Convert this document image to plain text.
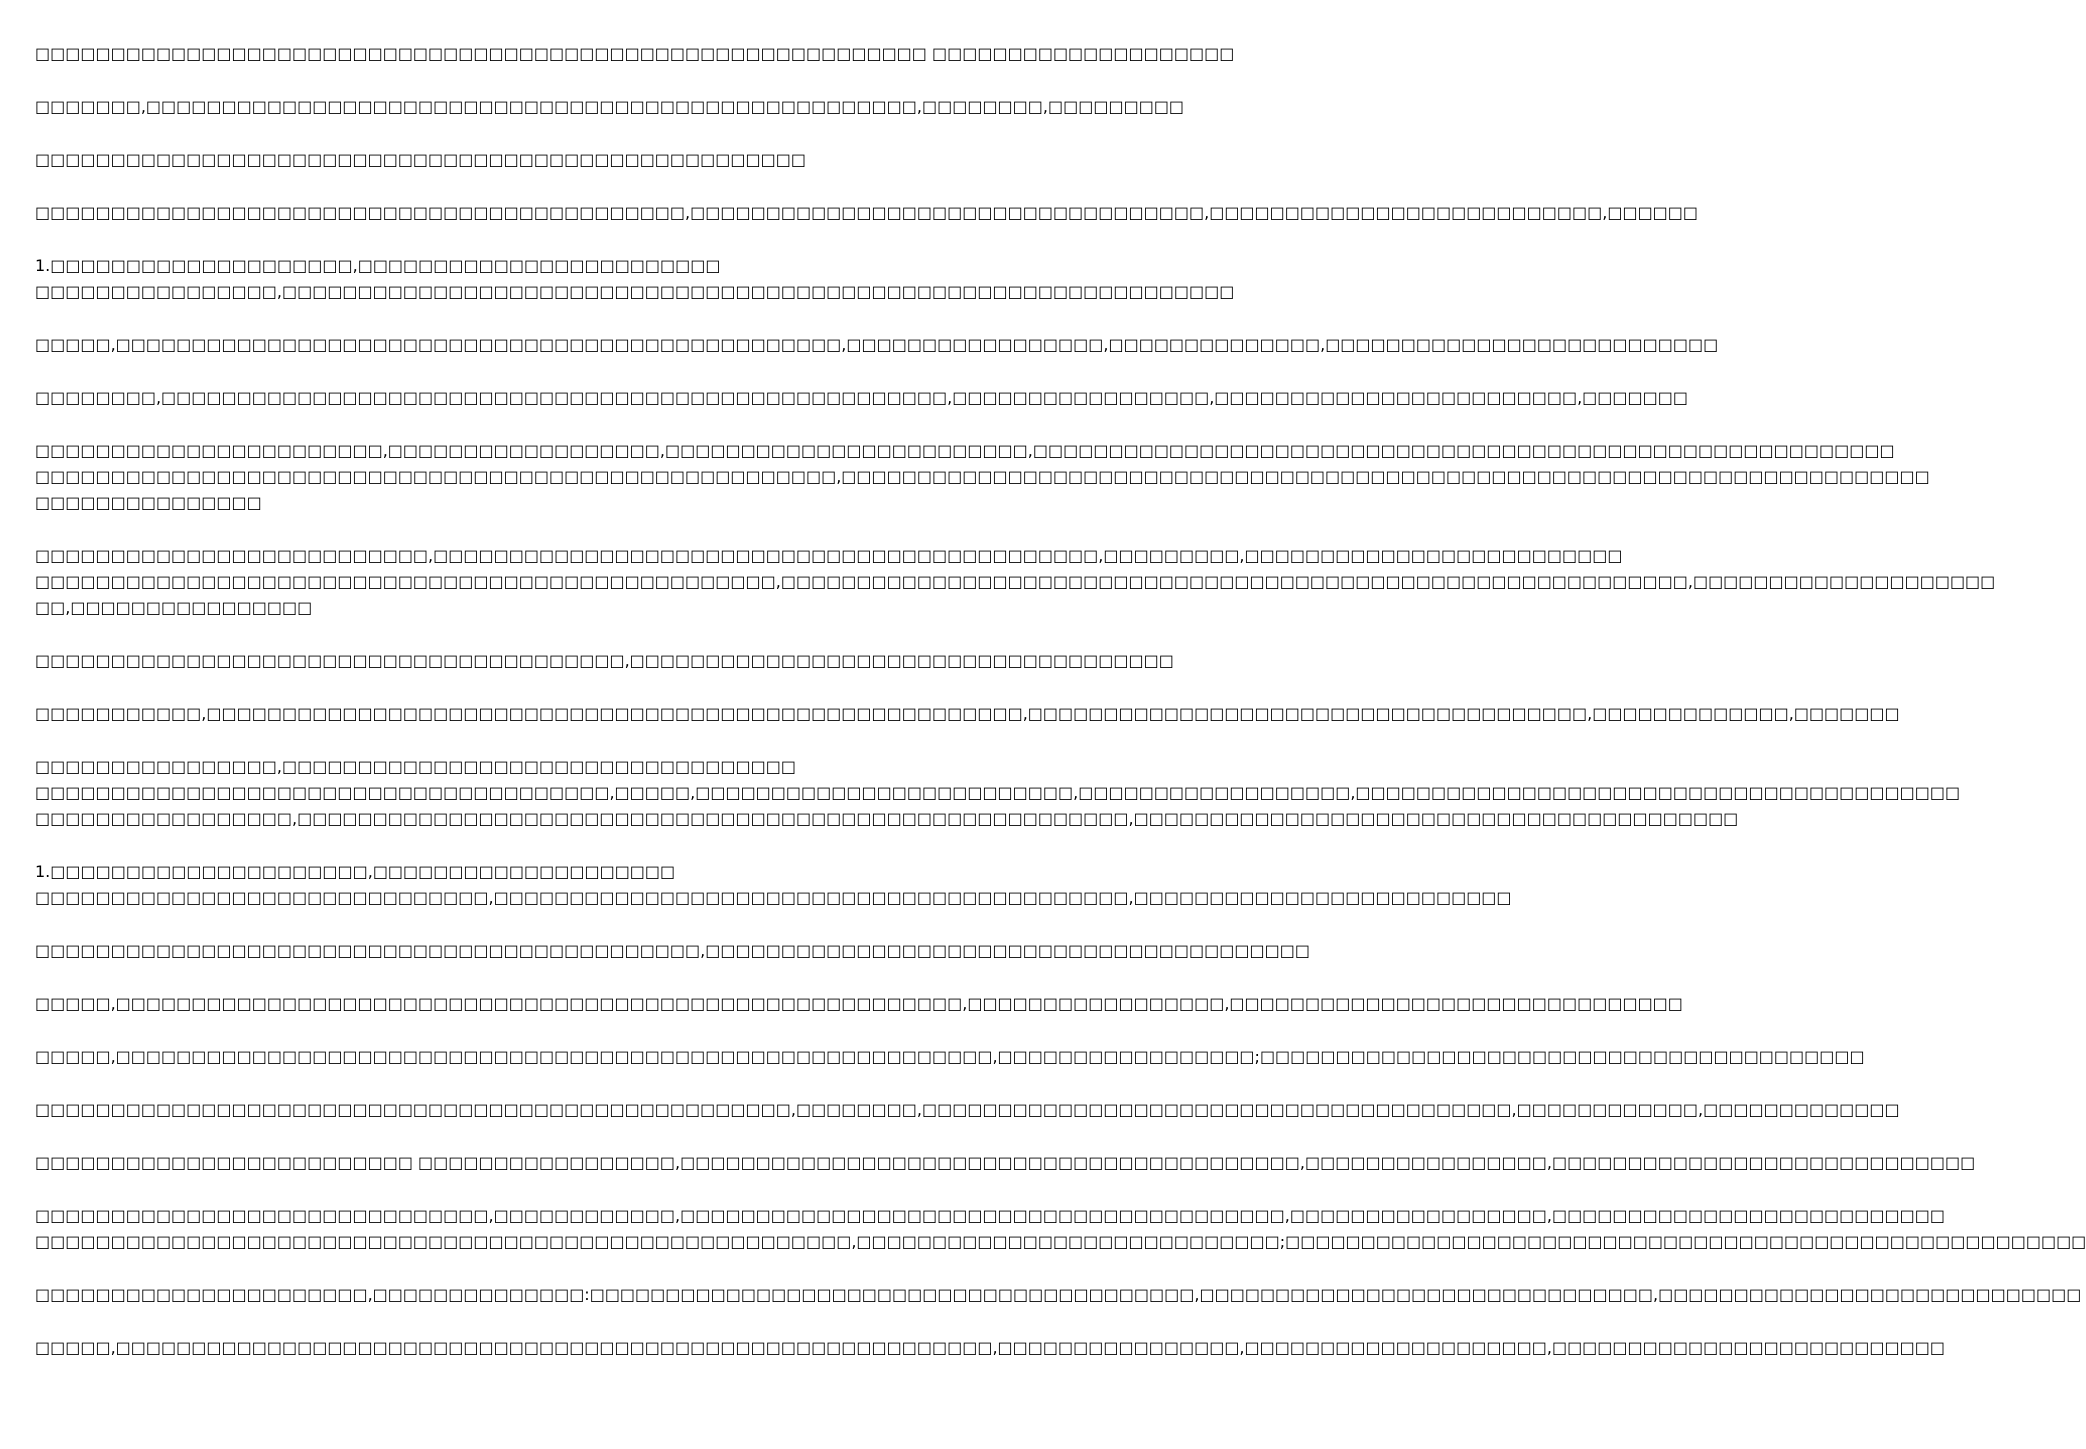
□□□□□□□□□□□□□□□□□□□□□□□□□□□□□□□□□□□□□□□□□□□□□□□□□□□□□□□□□□□ □□□□□□□□□□□□□□□□□□□□
□□□□□□□,□□□□□□□□□□□□□□□□□□□□□□□□□□□□□□□□□□□□□□□□□□□□□□□□□□□,□□□□□□□□,□□□□□□□□□
□□□□□□□□□□□□□□□□□□□□□□□□□□□□□□□□□□□□□□□□□□□□□□□□□□□
□□□□□□□□□□□□□□□□□□□□□□□□□□□□□□□□□□□□□□□□□□□,□□□□□□□□□□□□□□□□□□□□□□□□□□□□□□□□□□,□□□□□□□□□□□□□□□□□□□□□□□□□□,□□□□□□
1.□□□□□□□□□□□□□□□□□□□□,□□□□□□□□□□□□□□□□□□□□□□□□
□□□□□□□□□□□□□□□□,□□□□□□□□□□□□□□□□□□□□□□□□□□□□□□□□□□□□□□□□□□□□□□□□□□□□□□□□□□□□□□□
□□□□□,□□□□□□□□□□□□□□□□□□□□□□□□□□□□□□□□□□□□□□□□□□□□□□□□,□□□□□□□□□□□□□□□□□,□□□□□□□□□□□□□□,□□□□□□□□□□□□□□□□□□□□□□□□□□
□□□□□□□□,□□□□□□□□□□□□□□□□□□□□□□□□□□□□□□□□□□□□□□□□□□□□□□□□□□□□,□□□□□□□□□□□□□□□□□,□□□□□□□□□□□□□□□□□□□□□□□□,□□□□□□□
□□□□□□□□□□□□□□□□□□□□□□□,□□□□□□□□□□□□□□□□□□,□□□□□□□□□□□□□□□□□□□□□□□□,□□□□□□□□□□□□□□□□□□□□□□□□□□□□□□□□□□□□□□□□□□□□□□□□□□□□□□□□□
□□□□□□□□□□□□□□□□□□□□□□□□□□□□□□□□□□□□□□□□□□□□□□□□□□□□□,□□□□□□□□□□□□□□□□□□□□□□□□□□□□□□□□□□□□□□□□□□□□□□□□□□□□□□□□□□□□□□□□□□□□□□□□
□□□□□□□□□□□□□□□
□□□□□□□□□□□□□□□□□□□□□□□□□□,□□□□□□□□□□□□□□□□□□□□□□□□□□□□□□□□□□□□□□□□□□□□,□□□□□□□□□,□□□□□□□□□□□□□□□□□□□□□□□□□
□□□□□□□□□□□□□□□□□□□□□□□□□□□□□□□□□□□□□□□□□□□□□□□□□,□□□□□□□□□□□□□□□□□□□□□□□□□□□□□□□□□□□□□□□□□□□□□□□□□□□□□□□□□□□□,□□□□□□□□□□□□□□□□□□□□
□□,□□□□□□□□□□□□□□□□
□□□□□□□□□□□□□□□□□□□□□□□□□□□□□□□□□□□□□□□,□□□□□□□□□□□□□□□□□□□□□□□□□□□□□□□□□□□□
□□□□□□□□□□□,□□□□□□□□□□□□□□□□□□□□□□□□□□□□□□□□□□□□□□□□□□□□□□□□□□□□□□,□□□□□□□□□□□□□□□□□□□□□□□□□□□□□□□□□□□□□,□□□□□□□□□□□□□,□□□□□□□
□□□□□□□□□□□□□□□□,□□□□□□□□□□□□□□□□□□□□□□□□□□□□□□□□□□
□□□□□□□□□□□□□□□□□□□□□□□□□□□□□□□□□□□□□□,□□□□□,□□□□□□□□□□□□□□□□□□□□□□□□□,□□□□□□□□□□□□□□□□□□,□□□□□□□□□□□□□□□□□□□□□□□□□□□□□□□□□□□□□□□□
□□□□□□□□□□□□□□□□□,□□□□□□□□□□□□□□□□□□□□□□□□□□□□□□□□□□□□□□□□□□□□□□□□□□□□□□□,□□□□□□□□□□□□□□□□□□□□□□□□□□□□□□□□□□□□□□□□
1.□□□□□□□□□□□□□□□□□□□□□,□□□□□□□□□□□□□□□□□□□□
□□□□□□□□□□□□□□□□□□□□□□□□□□□□□□,□□□□□□□□□□□□□□□□□□□□□□□□□□□□□□□□□□□□□□□□□□,□□□□□□□□□□□□□□□□□□□□□□□□□
□□□□□□□□□□□□□□□□□□□□□□□□□□□□□□□□□□□□□□□□□□□□,□□□□□□□□□□□□□□□□□□□□□□□□□□□□□□□□□□□□□□□□
□□□□□,□□□□□□□□□□□□□□□□□□□□□□□□□□□□□□□□□□□□□□□□□□□□□□□□□□□□□□□□,□□□□□□□□□□□□□□□□□,□□□□□□□□□□□□□□□□□□□□□□□□□□□□□□
□□□□□,□□□□□□□□□□□□□□□□□□□□□□□□□□□□□□□□□□□□□□□□□□□□□□□□□□□□□□□□□□,□□□□□□□□□□□□□□□□□;□□□□□□□□□□□□□□□□□□□□□□□□□□□□□□□□□□□□□□□□
□□□□□□□□□□□□□□□□□□□□□□□□□□□□□□□□□□□□□□□□□□□□□□□□□□,□□□□□□□□,□□□□□□□□□□□□□□□□□□□□□□□□□□□□□□□□□□□□□□□,□□□□□□□□□□□□,□□□□□□□□□□□□□
□□□□□□□□□□□□□□□□□□□□□□□□□ □□□□□□□□□□□□□□□□□,□□□□□□□□□□□□□□□□□□□□□□□□□□□□□□□□□□□□□□□□□,□□□□□□□□□□□□□□□□,□□□□□□□□□□□□□□□□□□□□□□□□□□□□
□□□□□□□□□□□□□□□□□□□□□□□□□□□□□□,□□□□□□□□□□□□,□□□□□□□□□□□□□□□□□□□□□□□□□□□□□□□□□□□□□□□□,□□□□□□□□□□□□□□□□□,□□□□□□□□□□□□□□□□□□□□□□□□□□
□□□□□□□□□□□□□□□□□□□□□□□□□□□□□□□□□□□□□□□□□□□□□□□□□□□□□□,□□□□□□□□□□□□□□□□□□□□□□□□□□□□;□□□□□□□□□□□□□□□□□□□□□□□□□□□□□□□□□□□□□□□□□□□□□□□□□□□□□
□□□□□□□□□□□□□□□□□□□□□□,□□□□□□□□□□□□□□:□□□□□□□□□□□□□□□□□□□□□□□□□□□□□□□□□□□□□□□□,□□□□□□□□□□□□□□□□□□□□□□□□□□□□□□,□□□□□□□□□□□□□□□□□□□□□□□□□□□□
□□□□□,□□□□□□□□□□□□□□□□□□□□□□□□□□□□□□□□□□□□□□□□□□□□□□□□□□□□□□□□□□,□□□□□□□□□□□□□□□□,□□□□□□□□□□□□□□□□□□□□,□□□□□□□□□□□□□□□□□□□□□□□□□□
